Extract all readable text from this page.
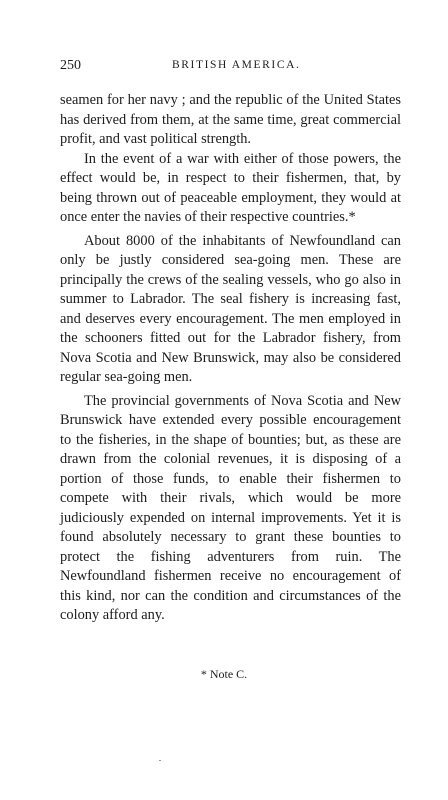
250	BRITISH AMERICA.

seamen for her navy ; and the republic of the United States has derived from them, at the same time, great commercial profit, and vast political strength.

In the event of a war with either of those powers, the effect would be, in respect to their fishermen, that, by being thrown out of peaceable employment, they would at once enter the navies of their respective countries.*

About 8000 of the inhabitants of Newfoundland can only be justly considered sea-going men. These are principally the crews of the sealing vessels, who go also in summer to Labrador. The seal fishery is increasing fast, and deserves every encouragement. The men employed in the schooners fitted out for the Labrador fishery, from Nova Scotia and New Brunswick, may also be considered regular sea-going men.

The provincial governments of Nova Scotia and New Brunswick have extended every possible encouragement to the fisheries, in the shape of bounties; but, as these are drawn from the colonial revenues, it is disposing of a portion of those funds, to enable their fishermen to compete with their rivals, which would be more judiciously expended on internal improvements. Yet it is found absolutely necessary to grant these bounties to protect the fishing adventurers from ruin. The Newfoundland fishermen receive no encouragement of this kind, nor can the condition and circumstances of the colony afford any.

* Note C.
